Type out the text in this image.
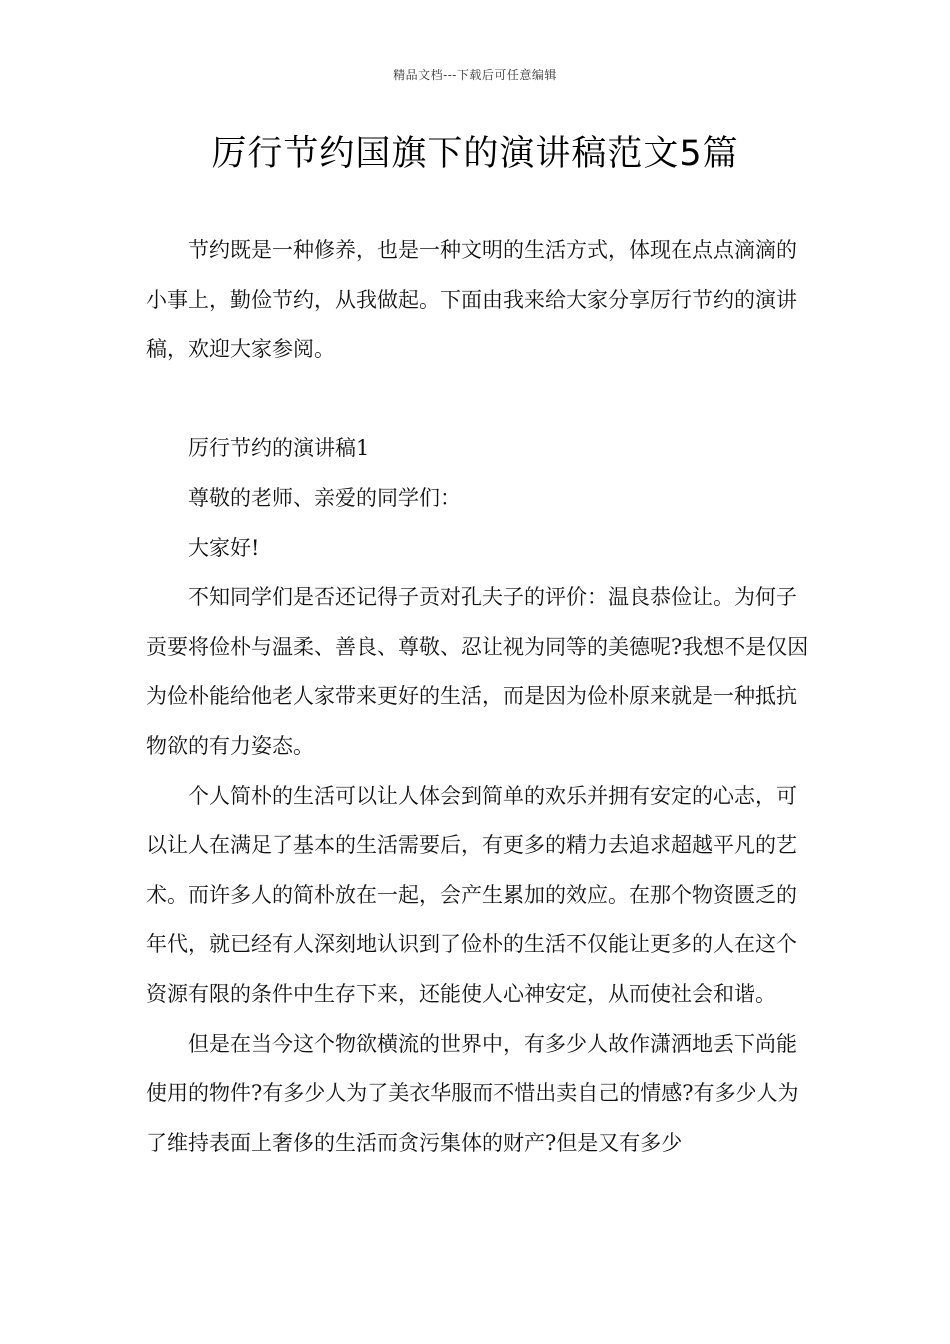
精品文档---下载后可任意编辑
厉行节约国旗下的演讲稿范文5篇

节约既是一种修养，也是一种文明的生活方式，体现在点点滴滴的小事上，勤俭节约，从我做起。下面由我来给大家分享厉行节约的演讲稿，欢迎大家参阅。

厉行节约的演讲稿1

尊敬的老师、亲爱的同学们：

大家好!

不知同学们是否还记得子贡对孔夫子的评价：温良恭俭让。为何子贡要将俭朴与温柔、善良、尊敬、忍让视为同等的美德呢?我想不是仅因为俭朴能给他老人家带来更好的生活，而是因为俭朴原来就是一种抵抗物欲的有力姿态。

个人简朴的生活可以让人体会到简单的欢乐并拥有安定的心志，可以让人在满足了基本的生活需要后，有更多的精力去追求超越平凡的艺术。而许多人的简朴放在一起，会产生累加的效应。在那个物资匮乏的年代，就已经有人深刻地认识到了俭朴的生活不仅能让更多的人在这个资源有限的条件中生存下来，还能使人心神安定，从而使社会和谐。

但是在当今这个物欲横流的世界中，有多少人故作潇洒地丢下尚能使用的物件?有多少人为了美衣华服而不惜出卖自己的情感?有多少人为了维持表面上奢侈的生活而贪污集体的财产?但是又有多少
